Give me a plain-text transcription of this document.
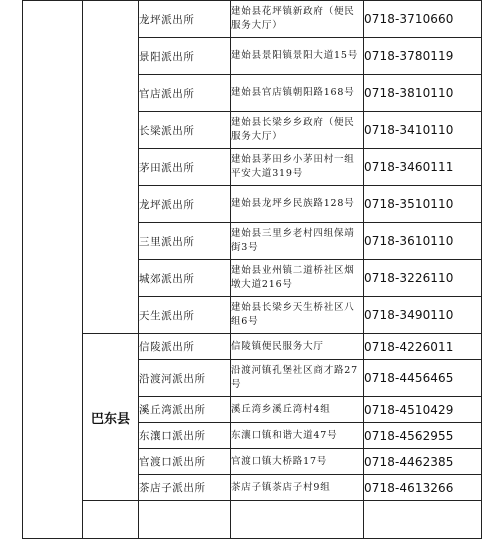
		龙坪派出所	建始县花坪镇新政府（便民服务大厅）	0718-3710660
		景阳派出所	建始县景阳镇景阳大道15号	0718-3780119
		官店派出所	建始县官店镇朝阳路168号	0718-3810110
		长梁派出所	建始县长梁乡乡政府（便民服务大厅）	0718-3410110
		茅田派出所	建始县茅田乡小茅田村一组平安大道319号	0718-3460111
		龙坪派出所	建始县龙坪乡民族路128号	0718-3510110
		三里派出所	建始县三里乡老村四组保靖街3号	0718-3610110
		城郊派出所	建始县业州镇二道桥社区烟墩大道216号	0718-3226110
		天生派出所	建始县长梁乡天生桥社区八组6号	0718-3490110
	巴东县	信陵派出所	信陵镇便民服务大厅	0718-4226011
		沿渡河派出所	沿渡河镇孔堡社区商才路27号	0718-4456465
		溪丘湾派出所	溪丘湾乡溪丘湾村4组	0718-4510429
		东瀼口派出所	东瀼口镇和谐大道47号	0718-4562955
		官渡口派出所	官渡口镇大桥路17号	0718-4462385
		茶店子派出所	茶店子镇茶店子村9组	0718-4613266
